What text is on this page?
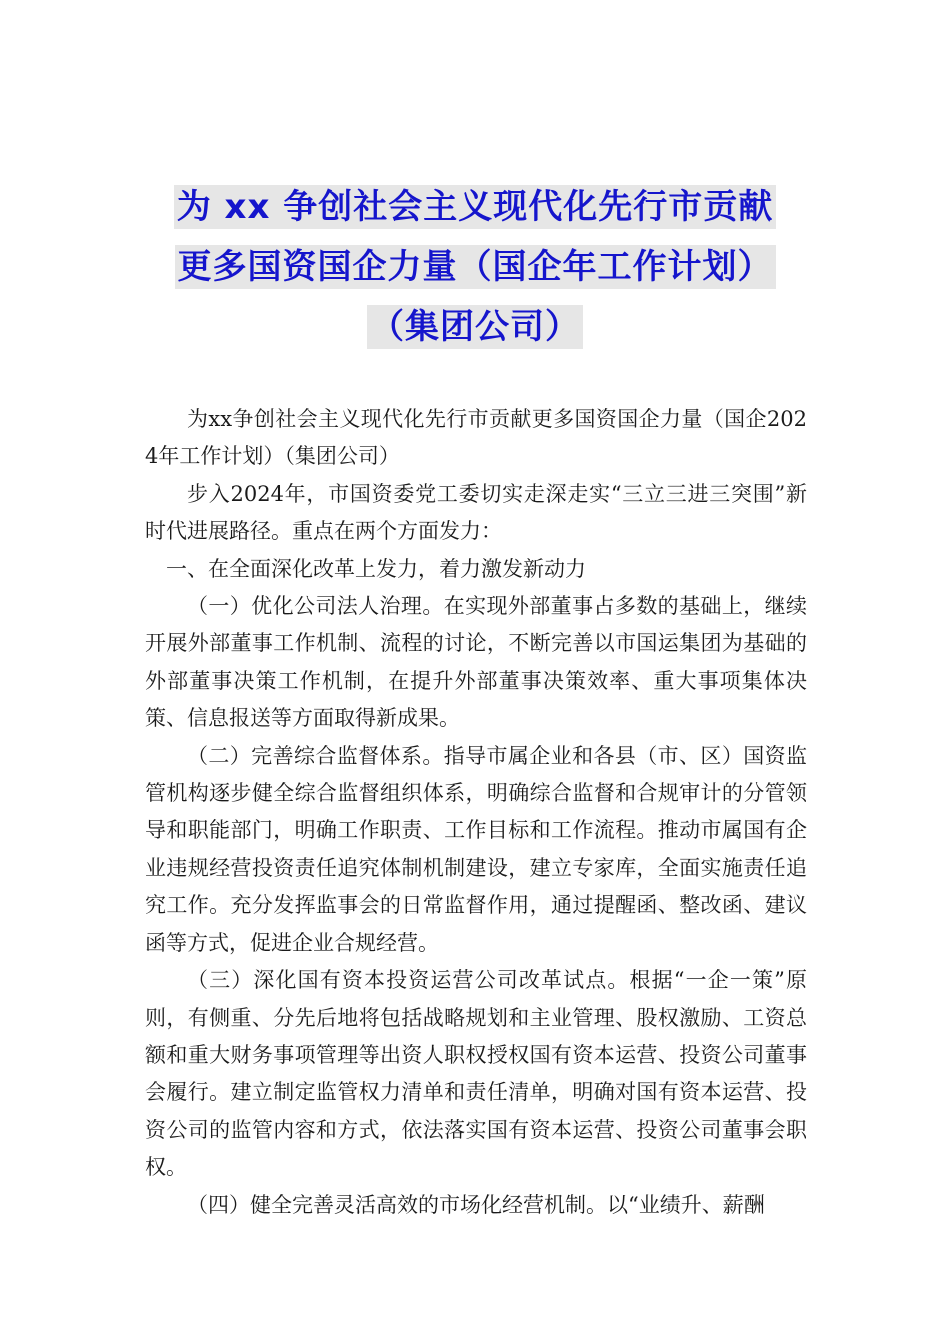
为 xx 争创社会主义现代化先行市贡献
更多国资国企力量（国企年工作计划）
（集团公司）

为xx争创社会主义现代化先行市贡献更多国资国企力量（国企2024年工作计划）（集团公司）

步入2024年，市国资委党工委切实走深走实“三立三进三突围”新时代进展路径。重点在两个方面发力：

一、在全面深化改革上发力，着力激发新动力

（一）优化公司法人治理。在实现外部董事占多数的基础上，继续开展外部董事工作机制、流程的讨论，不断完善以市国运集团为基础的外部董事决策工作机制，在提升外部董事决策效率、重大事项集体决策、信息报送等方面取得新成果。

（二）完善综合监督体系。指导市属企业和各县（市、区）国资监管机构逐步健全综合监督组织体系，明确综合监督和合规审计的分管领导和职能部门，明确工作职责、工作目标和工作流程。推动市属国有企业违规经营投资责任追究体制机制建设，建立专家库，全面实施责任追究工作。充分发挥监事会的日常监督作用，通过提醒函、整改函、建议函等方式，促进企业合规经营。

（三）深化国有资本投资运营公司改革试点。根据“一企一策”原则，有侧重、分先后地将包括战略规划和主业管理、股权激励、工资总额和重大财务事项管理等出资人职权授权国有资本运营、投资公司董事会履行。建立制定监管权力清单和责任清单，明确对国有资本运营、投资公司的监管内容和方式，依法落实国有资本运营、投资公司董事会职权。

（四）健全完善灵活高效的市场化经营机制。以“业绩升、薪酬
